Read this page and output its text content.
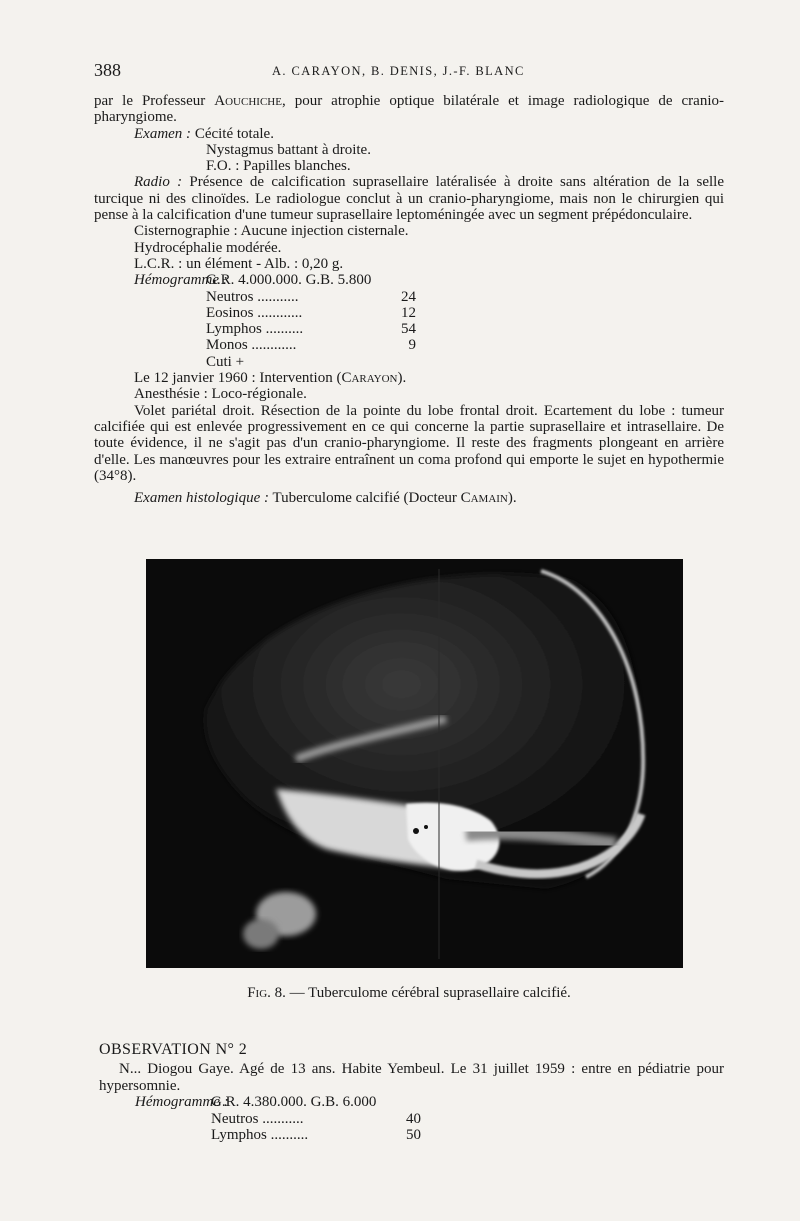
388	A. CARAYON, B. DENIS, J.-F. BLANC

par le Professeur Aouchiche, pour atrophie optique bilatérale et image radiologique de cranio-pharyngiome.

Examen : Cécité totale.
Nystagmus battant à droite.
F.O. : Papilles blanches.

Radio : Présence de calcification suprasellaire latéralisée à droite sans altération de la selle turcique ni des clinoïdes. Le radiologue conclut à un cranio-pharyngiome, mais non le chirurgien qui pense à la calcification d'une tumeur suprasellaire leptoméningée avec un segment prépédonculaire.

Cisternographie : Aucune injection cisternale.
Hydrocéphalie modérée.
L.C.R. : un élément - Alb. : 0,20 g.
Hémogramme :
G.R. 4.000.000. G.B. 5.800
Neutros ...........	24
Eosinos ............	12
Lymphos ..........	54
Monos ............	9
Cuti +
Le 12 janvier 1960 : Intervention (Carayon).
Anesthésie : Loco-régionale.

Volet pariétal droit. Résection de la pointe du lobe frontal droit. Ecartement du lobe : tumeur calcifiée qui est enlevée progressivement en ce qui concerne la partie suprasellaire et intrasellaire. De toute évidence, il ne s'agit pas d'un cranio-pharyngiome. Il reste des fragments plongeant en arrière d'elle. Les manœuvres pour les extraire entraînent un coma profond qui emporte le sujet en hypothermie (34°8).

Examen histologique : Tuberculome calcifié (Docteur Camain).
Fig. 8. — Tuberculome cérébral suprasellaire calcifié.
OBSERVATION N° 2

N... Diogou Gaye. Agé de 13 ans. Habite Yembeul. Le 31 juillet 1959 : entre en pédiatrie pour hypersomnie.

Hémogramme :
G.R. 4.380.000. G.B. 6.000
Neutros ...........	40
Lymphos ..........	50
